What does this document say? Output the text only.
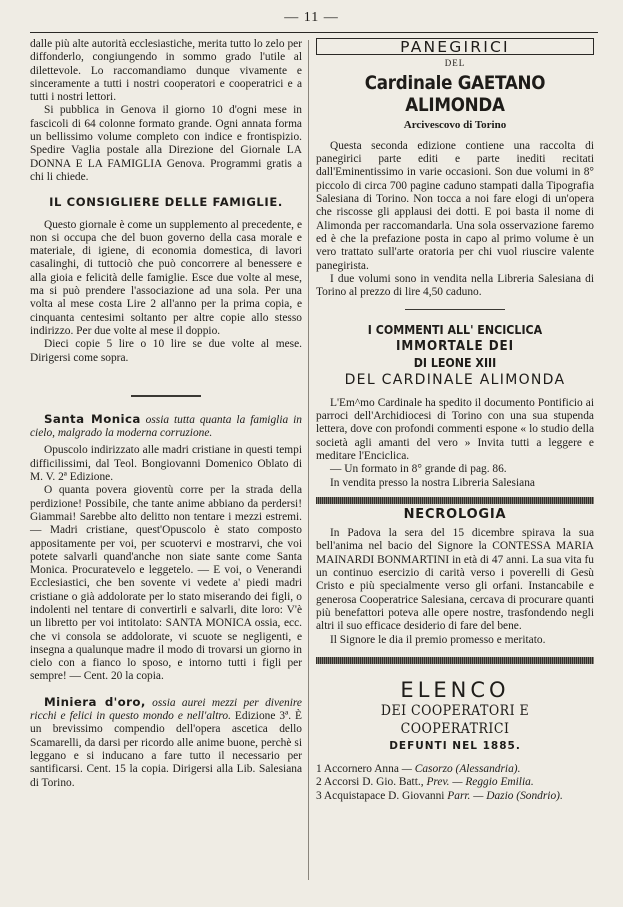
— 11 —

dalle più alte autorità ecclesiastiche, merita tutto lo zelo per diffonderlo, congiungendo in sommo grado l'utile al dilettevole. Lo raccomandiamo dunque vivamente e sinceramente a tutti i nostri cooperatori e cooperatrici e a tutti i nostri lettori.

Si pubblica in Genova il giorno 10 d'ogni mese in fascicoli di 64 colonne formato grande. Ogni annata forma un bellissimo volume completo con indice e frontispizio. Spedire Vaglia postale alla Direzione del Giornale LA DONNA E LA FAMIGLIA Genova. Programmi gratis a chi li chiede.

IL CONSIGLIERE DELLE FAMIGLIE.

Questo giornale è come un supplemento al precedente, e non si occupa che del buon governo della casa morale e materiale, di igiene, di economia domestica, di lavori casalinghi, di tuttociò che può concorrere al benessere e alla gioia e felicità delle famiglie. Esce due volte al mese, ma si può prendere l'associazione ad una sola. Per una volta al mese costa Lire 2 all'anno per la prima copia, e cinquanta centesimi soltanto per altre copie allo stesso indirizzo. Per due volte al mese il doppio.

Dieci copie 5 lire o 10 lire se due volte al mese. Dirigersi come sopra.

Santa Monica ossia tutta quanta la famiglia in cielo, malgrado la moderna corruzione.

Opuscolo indirizzato alle madri cristiane in questi tempi difficilissimi, dal Teol. Bongiovanni Domenico Oblato di M. V. 2ª Edizione.

O quanta povera gioventù corre per la strada della perdizione! Possibile, che tante anime abbiano da perdersi! Giammai! Sarebbe alto delitto non tentare i mezzi estremi. — Madri cristiane, quest'Opuscolo è stato composto appositamente per voi, per scuotervi e mostrarvi, che voi potete salvarli quand'anche non siate sante come Santa Monica. Procuratevelo e leggetelo. — E voi, o Venerandi Ecclesiastici, che ben sovente vi vedete a' piedi madri cristiane o già addolorate per lo stato miserando dei figli, o indolenti nel tentare di convertirli e salvarli, dite loro: V'è un libretto per voi intitolato: SANTA MONICA ossia, ecc. che vi consola se addolorate, vi scuote se negligenti, e insegna a qualunque madre il modo di trovarsi un giorno in cielo con a fianco lo sposo, e intorno tutti i figli per sempre! — Cent. 20 la copia.

Miniera d'oro, ossia aurei mezzi per divenire ricchi e felici in questo mondo e nell'altro. Edizione 3ª. È un brevissimo compendio dell'opera ascetica dello Scamarelli, da darsi per ricordo alle anime buone, perchè si leggano e si inducano a fare tutto il necessario per santificarsi. Cent. 15 la copia. Dirigersi alla Lib. Salesiana di Torino.

PANEGIRICI
DEL
Cardinale GAETANO ALIMONDA
Arcivescovo di Torino

Questa seconda edizione contiene una raccolta di panegirici parte editi e parte inediti recitati dall'Eminentissimo in varie occasioni. Son due volumi in 8° piccolo di circa 700 pagine caduno stampati dalla Tipografia Salesiana di Torino. Non tocca a noi fare elogi di un'opera che riscosse gli applausi dei dotti. E poi basta il nome di Alimonda per raccomandarla. Una sola osservazione faremo ed è che la prefazione posta in capo al primo volume è un vero trattato sull'arte oratoria per chi vuol riuscire valente panegirista.

I due volumi sono in vendita nella Libreria Salesiana di Torino al prezzo di lire 4,50 caduno.

I COMMENTI ALL' ENCICLICA IMMORTALE DEI
DI LEONE XIII
DEL CARDINALE ALIMONDA

L'Em^mo Cardinale ha spedito il documento Pontificio ai parroci dell'Archidiocesi di Torino con una sua stupenda lettera, dove con profondi commenti espone « lo studio della società agli amanti del vero » Invita tutti a leggere e meditare l'Enciclica.

— Un formato in 8° grande di pag. 86.

In vendita presso la nostra Libreria Salesiana

NECROLOGIA

In Padova la sera del 15 dicembre spirava la sua bell'anima nel bacio del Signore la CONTESSA MARIA MAINARDI BONMARTINI in età di 47 anni. La sua vita fu un continuo esercizio di carità verso i poverelli di Gesù Cristo e più specialmente verso gli orfani. Instancabile e generosa Cooperatrice Salesiana, cercava di procurare quanti più benefattori poteva alle opere nostre, trasfondendo negli altri il suo efficace desiderio di fare del bene.

Il Signore le dia il premio promesso e meritato.

ELENCO
DEI COOPERATORI E COOPERATRICI
DEFUNTI NEL 1885.

1 Accornero Anna — Casorzo (Alessandria).

2 Accorsi D. Gio. Batt., Prev. — Reggio Emilia.

3 Acquistapace D. Giovanni Parr. — Dazio (Sondrio).
